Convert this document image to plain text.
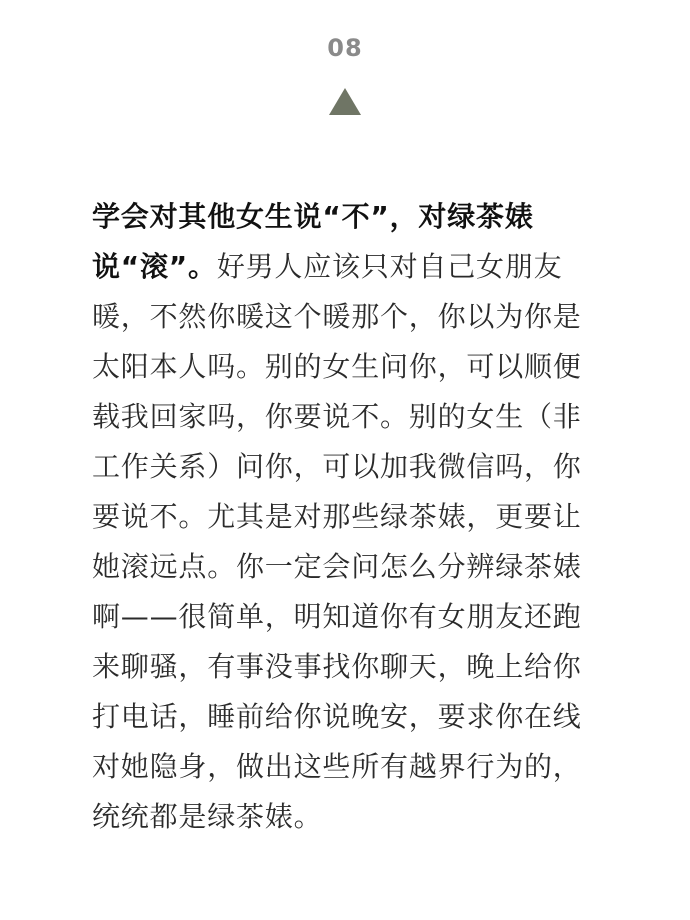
08
学会对其他女生说“不”，对绿茶婊
说“滚”。好男人应该只对自己女朋友
暖，不然你暖这个暖那个，你以为你是
太阳本人吗。别的女生问你，可以顺便
载我回家吗，你要说不。别的女生（非
工作关系）问你，可以加我微信吗，你
要说不。尤其是对那些绿茶婊，更要让
她滚远点。你一定会问怎么分辨绿茶婊
啊——很简单，明知道你有女朋友还跑
来聊骚，有事没事找你聊天，晚上给你
打电话，睡前给你说晚安，要求你在线
对她隐身，做出这些所有越界行为的，
统统都是绿茶婊。
